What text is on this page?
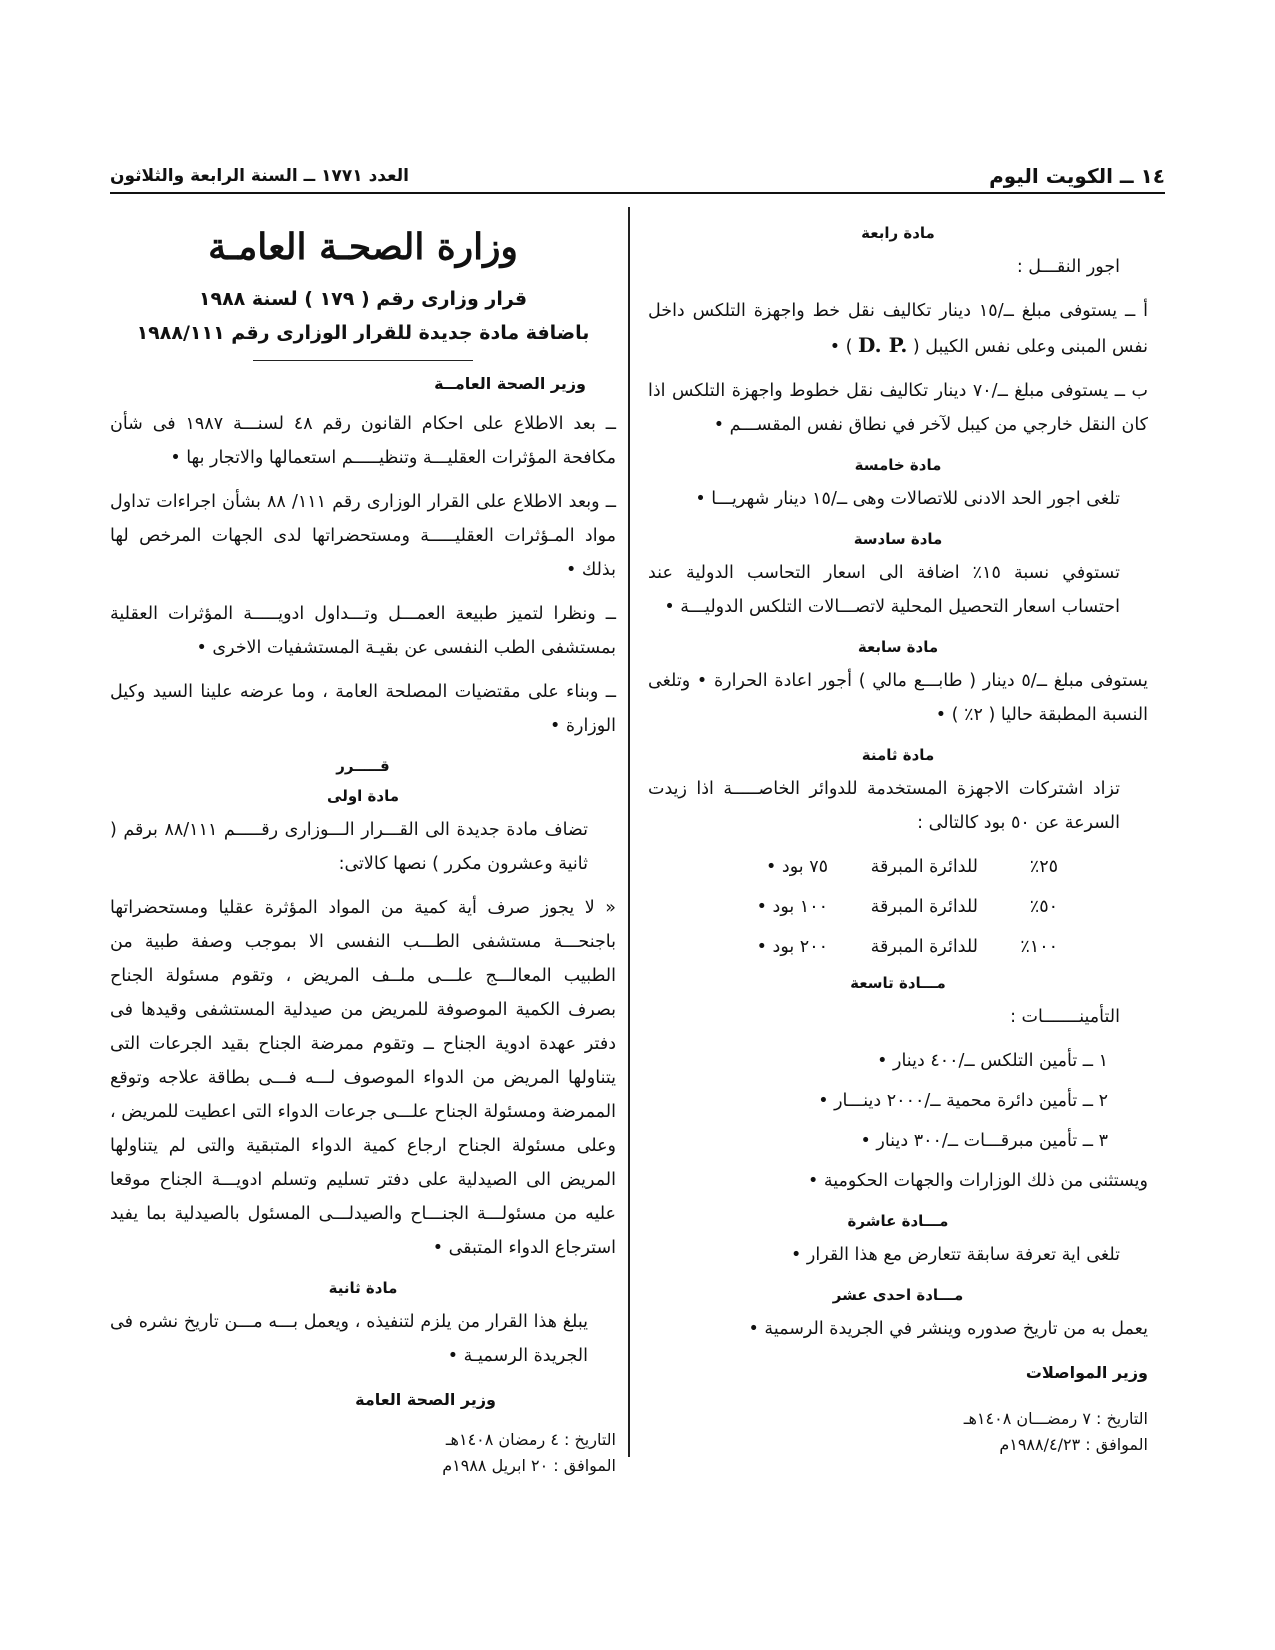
١٤ ــ الكويت اليوم
العدد ١٧٧١ ــ السنة الرابعة والثلاثون
مادة رابعة

اجور النقـــل :

أ ــ يستوفى مبلغ ــ/١٥ دينار تكاليف نقل خط واجهزة التلكس داخل نفس المبنى وعلى نفس الكيبل ( D. P. ) •

ب ــ يستوفى مبلغ ــ/٧٠ دينار تكاليف نقل خطوط واجهزة التلكس اذا كان النقل خارجي من كيبل لآخر في نطاق نفس المقســـم •

مادة خامسة

تلغى اجور الحد الادنى للاتصالات وهى ــ/١٥ دينار شهريـــا •

مادة سادسة

تستوفي نسبة ١٥٪ اضافة الى اسعار التحاسب الدولية عند احتساب اسعار التحصيل المحلية لاتصـــالات التلكس الدوليـــة •

مادة سابعة

يستوفى مبلغ ــ/٥ دينار ( طابـــع مالي ) أجور اعادة الحرارة • وتلغى النسبة المطبقة حاليا ( ٢٪ ) •

مادة ثامنة

تزاد اشتركات الاجهزة المستخدمة للدوائر الخاصـــــة اذا زيدت السرعة عن ٥٠ بود كالتالى :

٢٥٪
للدائرة المبرقة
٧٥ بود •
٥٠٪
للدائرة المبرقة
١٠٠ بود •
١٠٠٪
للدائرة المبرقة
٢٠٠ بود •
مـــادة تاسعة

التأمينـــــــات :

١ ــ تأمين التلكس ــ/٤٠٠ دينار •
٢ ــ تأمين دائرة محمية ــ/٢٠٠٠ دينـــار •
٣ ــ تأمين مبرقـــات ــ/٣٠٠ دينار •

ويستثنى من ذلك الوزارات والجهات الحكومية •

مـــادة عاشرة

تلغى اية تعرفة سابقة تتعارض مع هذا القرار •

مـــادة احدى عشر

يعمل به من تاريخ صدوره وينشر في الجريدة الرسمية •

وزير المواصلات
التاريخ : ٧ رمضـــان ١٤٠٨هـ
الموافق : ١٩٨٨/٤/٢٣م
وزارة الصحـة العامـة
قرار وزارى رقم ( ١٧٩ ) لسنة ١٩٨٨
باضافة مادة جديدة للقرار الوزارى رقم ١٩٨٨/١١١
وزير الصحة العامــة

ــ بعد الاطلاع على احكام القانون رقم ٤٨ لسنـــة ١٩٨٧ فى شأن مكافحة المؤثرات العقليـــة وتنظيـــــم استعمالها والاتجار بها •

ــ وبعد الاطلاع على القرار الوزارى رقم ١١١/ ٨٨ بشأن اجراءات تداول مواد المـؤثرات العقليـــــة ومستحضراتها لدى الجهات المرخص لها بذلك •

ــ ونظرا لتميز طبيعة العمـــل وتـــداول ادويـــــة المؤثرات العقلية بمستشفى الطب النفسى عن بقيـة المستشفيات الاخرى •

ــ وبناء على مقتضيات المصلحة العامة ، وما عرضه علينا السيد وكيل الوزارة •

قـــــرر
مادة اولى

تضاف مادة جديدة الى القـــرار الـــوزارى رقـــــم ٨٨/١١١ برقم ( ثانية وعشرون مكرر ) نصها كالاتى:

« لا يجوز صرف أية كمية من المواد المؤثرة عقليا ومستحضراتها باجنحـــة مستشفى الطـــب النفسى الا بموجب وصفة طبية من الطبيب المعالـــج علـــى ملــف المريض ، وتقوم مسئولة الجناح بصرف الكمية الموصوفة للمريض من صيدلية المستشفى وقيدها فى دفتر عهدة ادوية الجناح ــ وتقوم ممرضة الجناح بقيد الجرعات التى يتناولها المريض من الدواء الموصوف لـــه فـــى بطاقة علاجه وتوقع الممرضة ومسئولة الجناح علـــى جرعات الدواء التى اعطيت للمريض ، وعلى مسئولة الجناح ارجاع كمية الدواء المتبقية والتى لم يتناولها المريض الى الصيدلية على دفتر تسليم وتسلم ادويـــة الجناح موقعا عليه من مسئولـــة الجنـــاح والصيدلـــى المسئول بالصيدلية بما يفيد استرجاع الدواء المتبقى •

مادة ثانية

يبلغ هذا القرار من يلزم لتنفيذه ، ويعمل بـــه مـــن تاريخ نشره فى الجريدة الرسميـة •

وزير الصحة العامة
التاريخ : ٤ رمضان ١٤٠٨هـ
الموافق : ٢٠ ابريل ١٩٨٨م
